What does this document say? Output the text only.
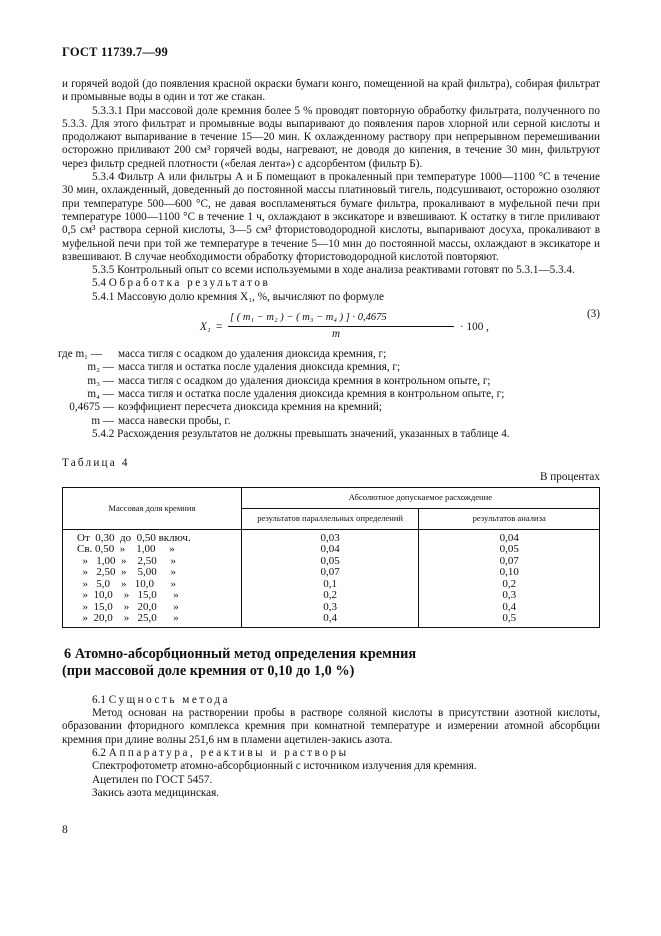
ГОСТ 11739.7—99

и горячей водой (до появления красной окраски бумаги конго, помещенной на край фильтра), собирая фильтрат и промывные воды в один и тот же стакан.

5.3.3.1 При массовой доле кремния более 5 % проводят повторную обработку фильтрата, полученного по 5.3.3. Для этого фильтрат и промывные воды выпаривают до появления паров хлорной или серной кислоты и продолжают выпаривание в течение 15—20 мин. К охлажденному раствору при непрерывном перемешивании осторожно приливают 200 см³ горячей воды, нагревают, не доводя до кипения, в течение 30 мин, фильтруют через фильтр средней плотности («белая лента») с адсорбентом (фильтр Б).

5.3.4 Фильтр А или фильтры А и Б помещают в прокаленный при температуре 1000—1100 °С в течение 30 мин, охлажденный, доведенный до постоянной массы платиновый тигель, подсушивают, осторожно озоляют при температуре 500—600 °С, не давая воспламеняться бумаге фильтра, прокаливают в муфельной печи при температуре 1000—1100 °С в течение 1 ч, охлаждают в эксикаторе и взвешивают. К остатку в тигле приливают 0,5 см³ раствора серной кислоты, 3—5 см³ фтористоводородной кислоты, выпаривают досуха, прокаливают в муфельной печи при той же температуре в течение 5—10 мин до постоянной массы, охлаждают в эксикаторе и взвешивают. В случае необходимости обработку фтористоводородной кислотой повторяют.

5.3.5 Контрольный опыт со всеми используемыми в ходе анализа реактивами готовят по 5.3.1—5.3.4.

5.4 Обработка результатов

5.4.1 Массовую долю кремния X₁, %, вычисляют по формуле

X₁ =
[ ( m₁ − m₂ ) − ( m₃ − m₄ ) ] · 0,4675
m
· 100 ,
(3)
где m₁ —	масса тигля с осадком до удаления диоксида кремния, г;
m₂ — масса тигля и остатка после удаления диоксида кремния, г;
m₃ — масса тигля с осадком до удаления диоксида кремния в контрольном опыте, г;
m₄ — масса тигля и остатка после удаления диоксида кремния в контрольном опыте, г;
0,4675 — коэффициент пересчета диоксида кремния на кремний;
m — масса навески пробы, г.

5.4.2 Расхождения результатов не должны превышать значений, указанных в таблице 4.

Таблица 4
В процентах
Массовая доля кремния	Абсолютное допускаемое расхождение	
	результатов параллельных определений	результатов анализа
От  0,30  до  0,50 включ.	0,03	0,04
Св. 0,50  »    1,00     »	0,04	0,05
»   1,00  »    2,50     »	0,05	0,07
»   2,50  »    5,00     »	0,07	0,10
»   5,0    »   10,0      »	0,1	0,2
»  10,0    »   15,0      »	0,2	0,3
»  15,0    »   20,0      »	0,3	0,4
»  20,0    »   25,0      »	0,4	0,5
6 Атомно-абсорбционный метод определения кремния
(при массовой доле кремния от 0,10 до 1,0 %)

6.1 Сущность метода

Метод основан на растворении пробы в растворе соляной кислоты в присутствии азотной кислоты, образовании фторидного комплекса кремния при комнатной температуре и измерении атомной абсорбции кремния при длине волны 251,6 нм в пламени ацетилен-закись азота.

6.2 Аппаратура, реактивы и растворы

Спектрофотометр атомно-абсорбционный с источником излучения для кремния.

Ацетилен по ГОСТ 5457.

Закись азота медицинская.

8
